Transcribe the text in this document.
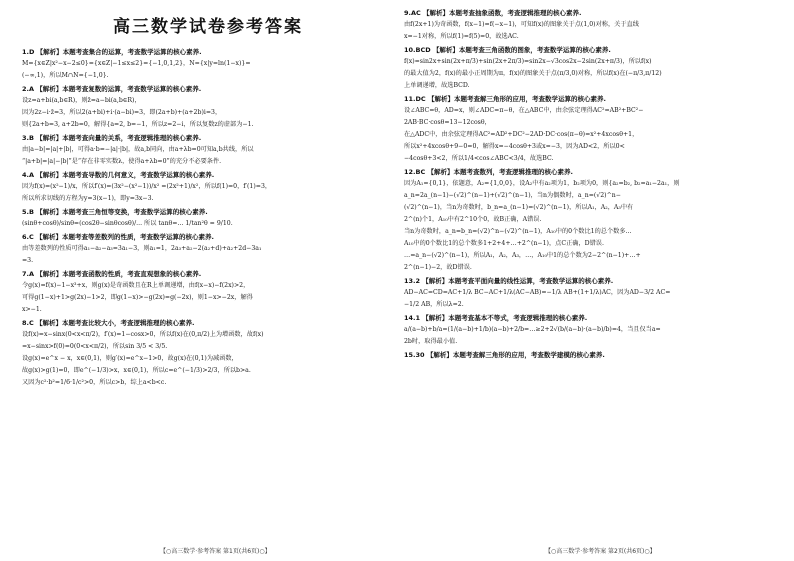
高三数学试卷参考答案
1.D 【解析】本题考查集合的运算，考查数学运算的核心素养.
M={x∈Z|x²−x−2≤0}={x∈Z|−1≤x≤2}={−1,0,1,2}，N={x|y=ln(1−x)}=
(−∞,1)，所以M∩N={−1,0}.
2.A 【解析】本题考查复数的运算，考查数学运算的核心素养.
设z=a+bi(a,b∈R)，则z̄=a−bi(a,b∈R)，
因为2z−i·z̄=3，所以2(a+bi)+i·(a−bi)=3，即(2a+b)+(a+2b)i=3，
则{2a+b=3, a+2b=0，解得{a=2, b=−1，所以z=2−i，所以复数z的虚部为−1.
3.B 【解析】本题考查向量的关系，考查逻辑推理的核心素养.
由|a−b|=|a|+|b|，可得a·b=−|a|·|b|，故a,b同向，由a+λb=0可知a,b共线，所以
“|a+b|=|a|−|b|”是“存在非零实数λ，使得a+λb=0”的充分不必要条件.
4.A 【解析】本题考查导数的几何意义，考查数学运算的核心素养.
因为f(x)=(x²−1)/x，所以f′(x)=(3x²−(x²−1))/x² =(2x²+1)/x²，所以f(1)=0，f′(1)=3，
所以所求切线的方程为y=3(x−1)，即y=3x−3.
5.B 【解析】本题考查三角恒等变换，考查数学运算的核心素养.
(sinθ+cosθ)/sinθ=(cos2θ−sinθcosθ)/... 所以 tanθ=... 1/tan²θ = 9/10.
6.C 【解析】本题考查等差数列的性质，考查数学运算的核心素养.
由等差数列的性质可得a₁−a₂−a₃=3a₁−3，则a₁=1，2a₃+a₂−2(a₂+d)+a₂+2d−3a₁
=3.
7.A 【解析】本题考查函数的性质，考查直观想象的核心素养.
令g(x)=f(x)−1−x³+x，则g(x)是奇函数且在R上单调递增，由f(x−x)−f(2x)>2，
可得g(1−x)+1>g(2x)−1>2，即g(1−x)>−g(2x)=g(−2x)，则1−x>−2x，解得
x>−1.
8.C 【解析】本题考查比较大小，考查逻辑推理的核心素养.
设f(x)=x−sinx(0<x<π/2)，f′(x)=1−cosx>0，所以f(x)在(0,π/2)上为增函数，故f(x)
=x−sinx>f(0)=0(0<x<π/2)，所以sin 3/5 < 3/5.
设g(x)=e^x − x，x∈(0,1)，则g′(x)=e^x−1>0，故g(x)在(0,1)为减函数，
故g(x)>g(1)=0，即e^(−1/3)>x，x∈(0,1)，所以c=e^(−1/3)>2/3，所以b>a.
又因为c²·b²=1/6·1/c²>0，所以c>b，综上a<b<c.
9.AC 【解析】本题考查抽象函数，考查逻辑推理的核心素养.
由f(2x+1)为奇函数，f(x−1)=f(−x−1)，可知f(x)的图象关于点(1,0)对称，关于直线
x=−1对称，所以f(1)=f(5)=0，故选AC.
10.BCD 【解析】本题考查三角函数的图象，考查数学运算的核心素养.
f(x)=sin2x+sin(2x+π/3)+sin(2x+2π/3)=sin2x−√3cos2x−2sin(2x+π/3)，所以f(x)
的最大值为2，f(x)的最小正周期为π，f(x)的图象关于点(π/3,0)对称，所以f(x)在(−π/3,π/12)
上单调递增，故选BCD.
11.DC 【解析】本题考查解三角形的应用，考查数学运算的核心素养.
设∠ABC=θ，AD=x，则∠ADC=π−θ，在△ABC中，由余弦定理得AC²=AB²+BC²−
2AB·BC·cosθ=13−12cosθ，
在△ADC中，由余弦定理得AC²=AD²+DC²−2AD·DC·cos(π−θ)=x²+4xcosθ+1，
所以x²+4xcosθ+9−0=0，解得x=−4cosθ+3或x=−3，因为AD<2，所以0<
−4cosθ+3<2，所以1/4<cos∠ABC<3/4，故选BC.
12.BC 【解析】本题考查数列，考查逻辑推理的核心素养.
因为A₁={0,1}，依题意，A₂={1,0,0}，设A₂中有a₂项为1，b₂项为0，则{a₂=b₂, b₂=a₁−2a₁，则
a_n=2a_(n−1)−(√2)^(n−1)+(√2)^(n−1)，当n为偶数时，a_n=(√2)^n−
(√2)^(n−1)，当n为奇数时，b_n=a_(n−1)=(√2)^(n−1)，所以A₁，A₂，A₃中有
2^(n)个1，A₁₀中有2^10个0，故B正确，A错误.
当n为奇数时，a_n=b_n=(√2)^n−(√2)^(n−1)，A₁₀中的0个数比1的总个数多...
A₁₀中的0个数比1的总个数多1+2+4+…+2^(n−1)，点C正确，D错误.
…=a_n−(√2)^(n−1)，所以A₁，A₂，A₃，…，A₁₀中1的总个数为2−2^(n−1)+…+
2^(n−1)−2，故D错误.
13.2 【解析】本题考查平面向量的线性运算，考查数学运算的核心素养.
AD−AC=CD=AC+1/λ BC−AC+1/λ(AC−AB)=−1/λ AB+(1+1/λ)AC，因为AD−3/2 AC=
−1/2 AB，所以λ=2.
14.1 【解析】本题考查基本不等式，考查逻辑推理的核心素养.
a/(a−b)+b/a=(1/(a−b)+1/b)(a−b)+2/b=…≥2+2√(b/(a−b)·(a−b)/b)=4，当且仅当a=
2b时，取得最小值.
15.30 【解析】本题考查解三角形的应用，考查数学建模的核心素养.
【○高三数学·参考答案 第1页(共6页)○】	【○高三数学·参考答案 第2页(共6页)○】
